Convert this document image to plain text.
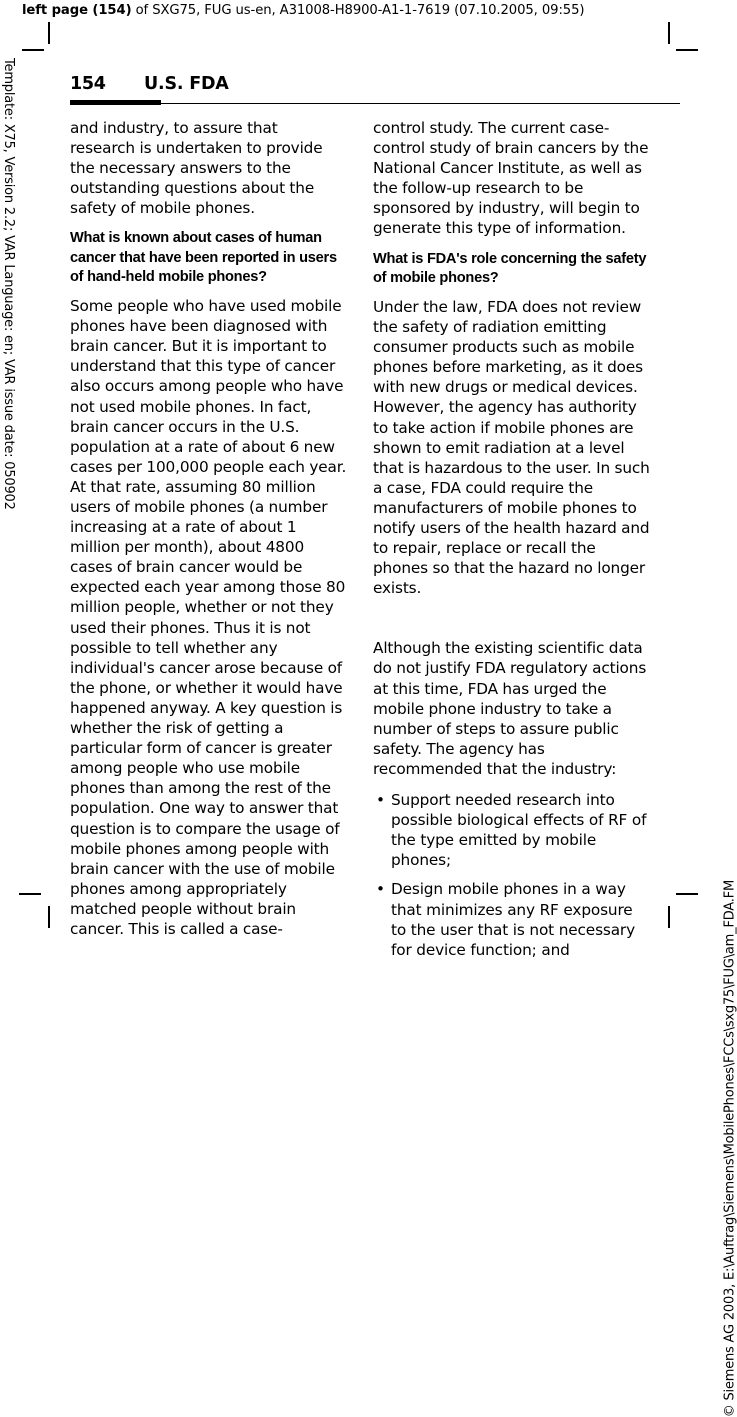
left page (154) of SXG75, FUG us-en, A31008-H8900-A1-1-7619 (07.10.2005, 09:55)
Template: X75, Version 2.2; VAR Language: en; VAR issue date: 050902
© Siemens AG 2003, E:\Auftrag\Siemens\MobilePhones\FCCs\sxg75\FUG\am_FDA.FM
154 U.S. FDA

and industry, to assure that research is undertaken to provide the necessary answers to the outstanding questions about the safety of mobile phones.

What is known about cases of human cancer that have been reported in users of hand-held mobile phones?

Some people who have used mobile phones have been diagnosed with brain cancer. But it is important to understand that this type of cancer also occurs among people who have not used mobile phones. In fact, brain cancer occurs in the U.S. population at a rate of about 6 new cases per 100,000 people each year. At that rate, assuming 80 million users of mobile phones (a number increasing at a rate of about 1 million per month), about 4800 cases of brain cancer would be expected each year among those 80 million people, whether or not they used their phones. Thus it is not possible to tell whether any individual's cancer arose because of the phone, or whether it would have happened anyway. A key question is whether the risk of getting a particular form of cancer is greater among people who use mobile phones than among the rest of the population. One way to answer that question is to compare the usage of mobile phones among people with brain cancer with the use of mobile phones among appropriately matched people without brain cancer. This is called a case-

control study. The current case-control study of brain cancers by the National Cancer Institute, as well as the follow-up research to be sponsored by industry, will begin to generate this type of information.

What is FDA's role concerning the safety of mobile phones?

Under the law, FDA does not review the safety of radiation emitting consumer products such as mobile phones before marketing, as it does with new drugs or medical devices. However, the agency has authority to take action if mobile phones are shown to emit radiation at a level that is hazardous to the user. In such a case, FDA could require the manufacturers of mobile phones to notify users of the health hazard and to repair, replace or recall the phones so that the hazard no longer exists.

Although the existing scientific data do not justify FDA regulatory actions at this time, FDA has urged the mobile phone industry to take a number of steps to assure public safety. The agency has recommended that the industry:

• Support needed research into possible biological effects of RF of the type emitted by mobile phones;
• Design mobile phones in a way that minimizes any RF exposure to the user that is not necessary for device function; and
